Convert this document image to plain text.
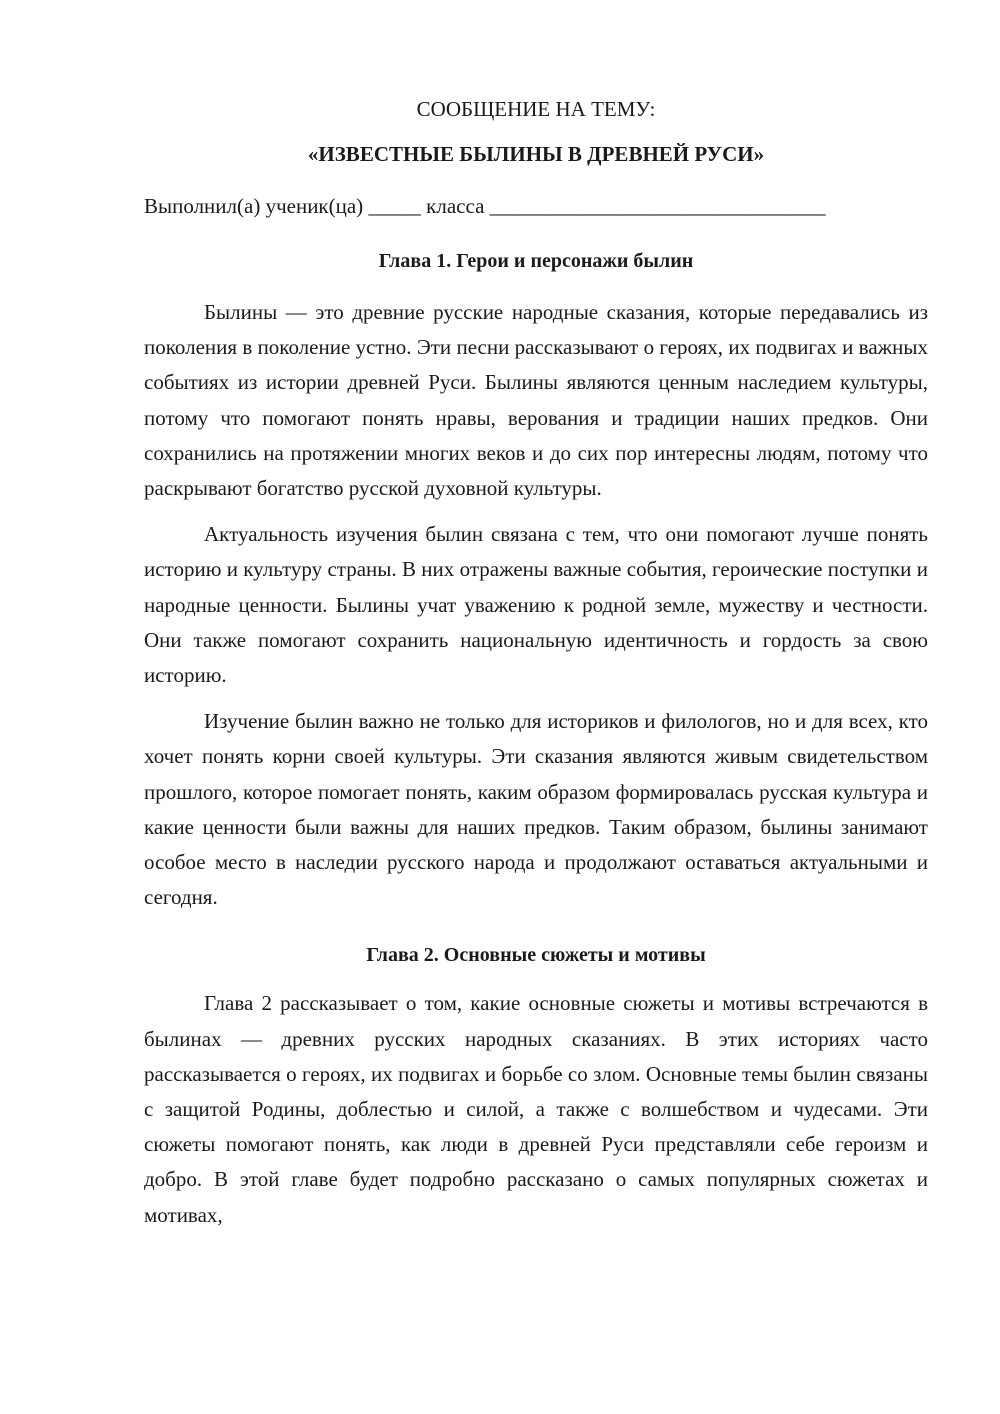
СООБЩЕНИЕ НА ТЕМУ:

«ИЗВЕСТНЫЕ БЫЛИНЫ В ДРЕВНЕЙ РУСИ»

Выполнил(а) ученик(ца) _____ класса ________________________________

Глава 1. Герои и персонажи былин

Былины — это древние русские народные сказания, которые передавались из поколения в поколение устно. Эти песни рассказывают о героях, их подвигах и важных событиях из истории древней Руси. Былины являются ценным наследием культуры, потому что помогают понять нравы, верования и традиции наших предков. Они сохранились на протяжении многих веков и до сих пор интересны людям, потому что раскрывают богатство русской духовной культуры.

Актуальность изучения былин связана с тем, что они помогают лучше понять историю и культуру страны. В них отражены важные события, героические поступки и народные ценности. Былины учат уважению к родной земле, мужеству и честности. Они также помогают сохранить национальную идентичность и гордость за свою историю.

Изучение былин важно не только для историков и филологов, но и для всех, кто хочет понять корни своей культуры. Эти сказания являются живым свидетельством прошлого, которое помогает понять, каким образом формировалась русская культура и какие ценности были важны для наших предков. Таким образом, былины занимают особое место в наследии русского народа и продолжают оставаться актуальными и сегодня.

Глава 2. Основные сюжеты и мотивы

Глава 2 рассказывает о том, какие основные сюжеты и мотивы встречаются в былинах — древних русских народных сказаниях. В этих историях часто рассказывается о героях, их подвигах и борьбе со злом. Основные темы былин связаны с защитой Родины, доблестью и силой, а также с волшебством и чудесами. Эти сюжеты помогают понять, как люди в древней Руси представляли себе героизм и добро. В этой главе будет подробно рассказано о самых популярных сюжетах и мотивах,
